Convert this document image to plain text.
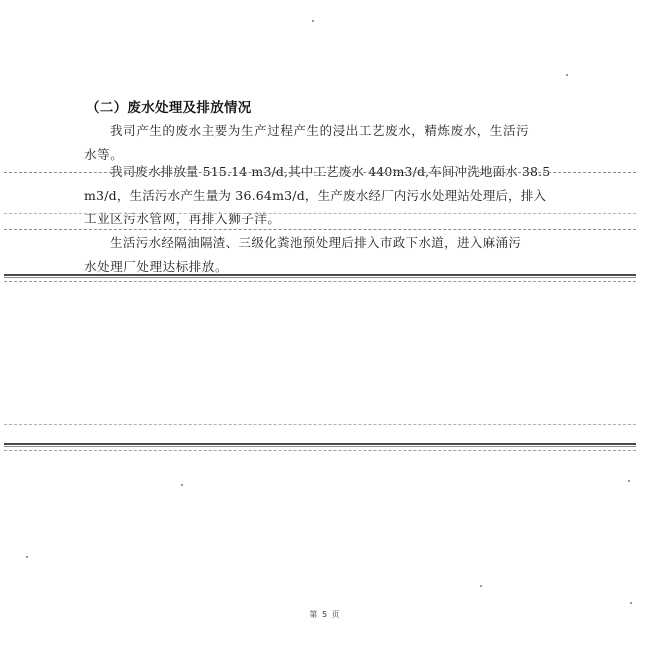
（二）废水处理及排放情况
我司产生的废水主要为生产过程产生的浸出工艺废水，精炼废水，生活污
水等。
我司废水排放量 515.14 m3/d,其中工艺废水 440m3/d,车间冲洗地面水 38.5
m3/d，生活污水产生量为 36.64m3/d，生产废水经厂内污水处理站处理后，排入
工业区污水管网，再排入狮子洋。
生活污水经隔油隔渣、三级化粪池预处理后排入市政下水道，进入麻涌污
水处理厂处理达标排放。
第 5 页
